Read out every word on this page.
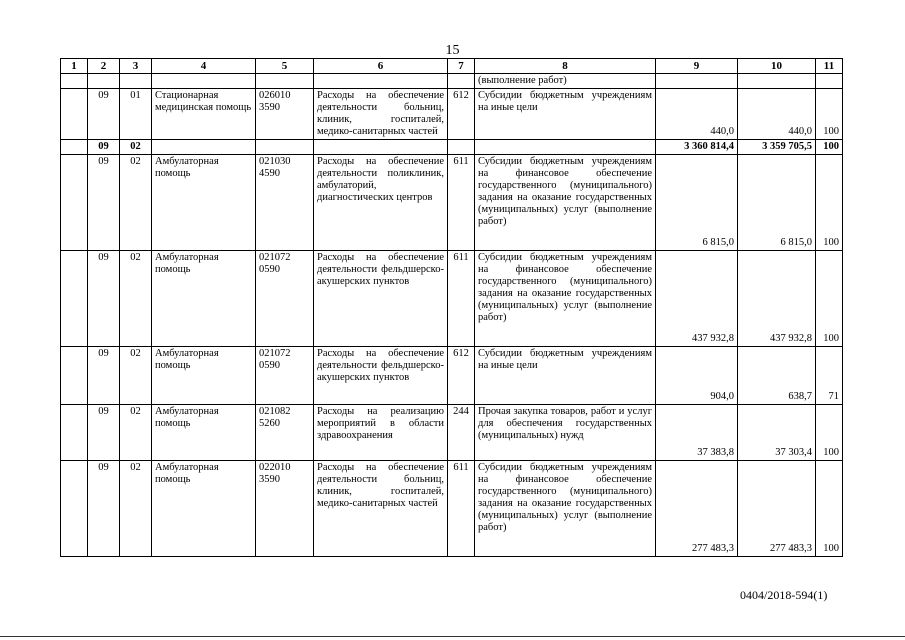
15
1	2	3	4	5	6	7	8	9	10	11
							(выполнение работ)			
	09	01	Стационарная медицинская помощь	026010 3590	Расходы на обеспечение деятельности больниц, клиник, госпиталей, медико-санитарных частей	612	Субсидии бюджетным учреждениям на иные цели	440,0	440,0	100
	09	02						3 360 814,4	3 359 705,5	100
	09	02	Амбулаторная помощь	021030 4590	Расходы на обеспечение деятельности поликлиник, амбулаторий, диагностических центров	611	Субсидии бюджетным учреждениям на финансовое обеспечение государственного (муниципального) задания на оказание государственных (муниципальных) услуг (выполнение работ)	6 815,0	6 815,0	100
	09	02	Амбулаторная помощь	021072 0590	Расходы на обеспечение деятельности фельдшерско-акушерских пунктов	611	Субсидии бюджетным учреждениям на финансовое обеспечение государственного (муниципального) задания на оказание государственных (муниципальных) услуг (выполнение работ)	437 932,8	437 932,8	100
	09	02	Амбулаторная помощь	021072 0590	Расходы на обеспечение деятельности фельдшерско-акушерских пунктов	612	Субсидии бюджетным учреждениям на иные цели	904,0	638,7	71
	09	02	Амбулаторная помощь	021082 5260	Расходы на реализацию мероприятий в области здравоохранения	244	Прочая закупка товаров, работ и услуг для обеспечения государственных (муниципальных) нужд	37 383,8	37 303,4	100
	09	02	Амбулаторная помощь	022010 3590	Расходы на обеспечение деятельности больниц, клиник, госпиталей, медико-санитарных частей	611	Субсидии бюджетным учреждениям на финансовое обеспечение государственного (муниципального) задания на оказание государственных (муниципальных) услуг (выполнение работ)	277 483,3	277 483,3	100
0404/2018-594(1)
